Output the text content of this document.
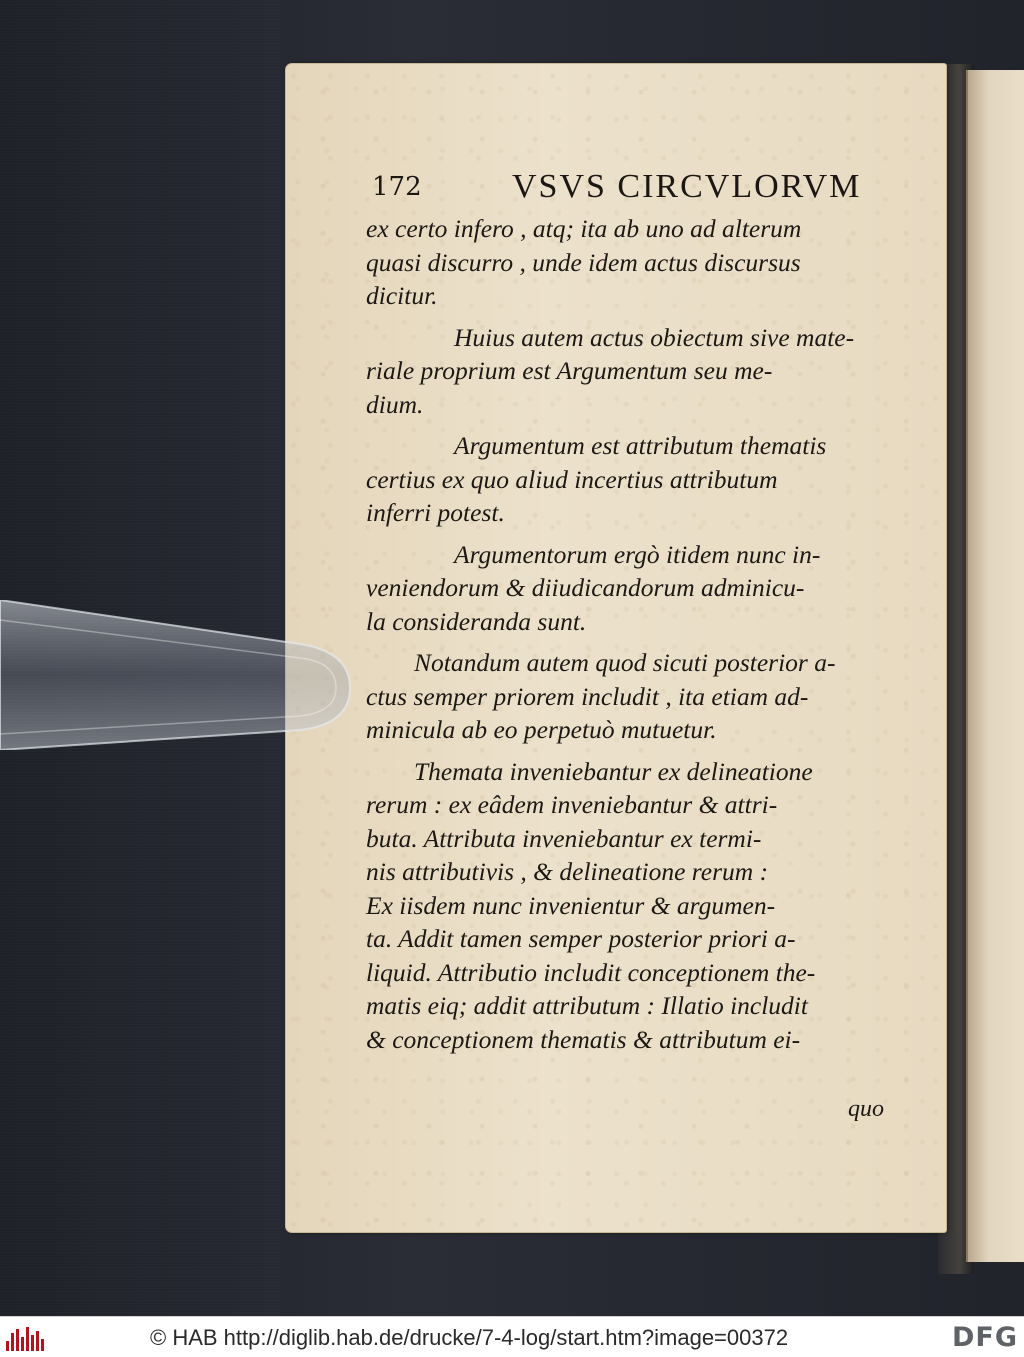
172	VSVS CIRCVLORVM
ex certo infero , atq; ita ab uno ad alterum
quasi discurro , unde idem actus discursus
dicitur.
Huius autem actus obiectum sive mate-
riale proprium est Argumentum seu me-
dium.
Argumentum est attributum thematis
certius ex quo aliud incertius attributum
inferri potest.
Argumentorum ergò itidem nunc in-
veniendorum & diiudicandorum adminicu-
la consideranda sunt.
Notandum autem quod sicuti posterior a-
ctus semper priorem includit , ita etiam ad-
minicula ab eo perpetuò mutuetur.
Themata inveniebantur ex delineatione
rerum : ex eâdem inveniebantur & attri-
buta. Attributa inveniebantur ex termi-
nis attributivis , & delineatione rerum :
Ex iisdem nunc invenientur & argumen-
ta. Addit tamen semper posterior priori a-
liquid. Attributio includit conceptionem the-
matis eiq; addit attributum : Illatio includit
& conceptionem thematis & attributum ei-
quo
© HAB http://diglib.hab.de/drucke/7-4-log/start.htm?image=00372	DFG
